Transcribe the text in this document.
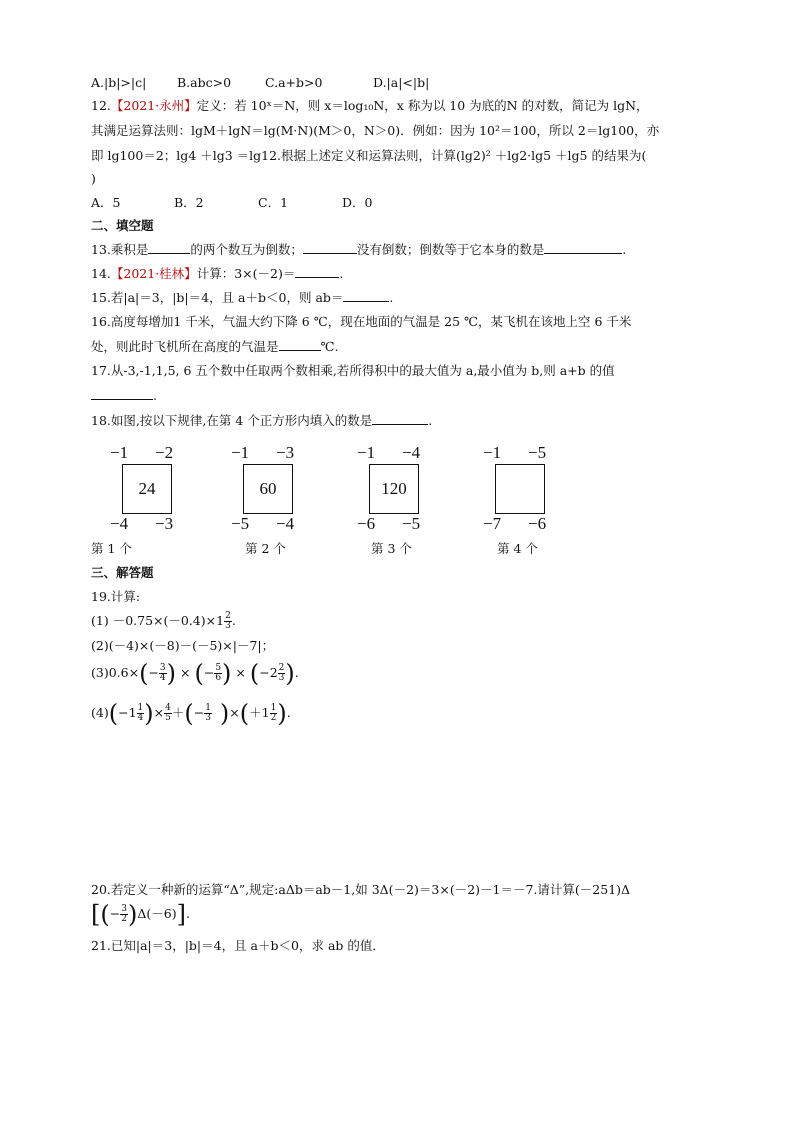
A.|b|>|c| B.abc>0	C.a+b>0	D.|a|<|b|
12.【2021·永州】定义：若 10ˣ＝N，则 x＝log₁₀N，x 称为以 10 为底的N 的对数，简记为 lgN，
其满足运算法则：lgM＋lgN＝lg(M·N)(M＞0，N＞0)．例如：因为 10²＝100，所以 2＝lg100，亦
即 lg100＝2；lg4 ＋lg3 ＝lg12.根据上述定义和运算法则，计算(lg2)² ＋lg2·lg5 ＋lg5 的结果为(
)
A．5	B．2	C．1	D．0
二、填空题
13.乘积是	的两个数互为倒数；	没有倒数；倒数等于它本身的数是	.
14.【2021·桂林】计算：3×(－2)＝	.
15.若|a|＝3，|b|＝4，且 a＋b＜0，则 ab＝	.
16.高度每增加1 千米，气温大约下降 6 ℃，现在地面的气温是 25 ℃，某飞机在该地上空 6 千米
处，则此时飞机所在高度的气温是	℃.
17.从-3,-1,1,5, 6 五个数中任取两个数相乘,若所得积中的最大值为 a,最小值为 b,则 a+b 的值
.
18.如图,按以下规律,在第 4 个正方形内填入的数是	.
−1 −2
24
−4 −3
第 1 个
−1 −3
60
−5 −4
第 2 个
−1 −4
120
−6 −5
第 3 个
−1 −5
−7 −6
第 4 个
三、解答题
19.计算:
$(1) -0.75\times(-0.4)\times 1 \frac{2}{3}$ .
(2)(－4)×(－8)－(－5)×|－7|；
$(3)0.6\times(- \frac{3}{4}$ ) × (− $\frac{5}{6}$ ) × ($-2 \frac{2}{3}$ ).
$(4)(-1 \frac{1}{4}$ )× $\frac{4}{5}$ ＋(− $\frac{1}{3} )\times(+1 \frac{1}{2}$ ).
20.若定义一种新的运算“Δ”,规定:aΔb＝ab－1,如 3Δ(－2)＝3×(－2)－1＝－7.请计算(－251)Δ
[(− $\frac{3}{2} )\Delta(-6)$].
21.已知|a|＝3，|b|＝4，且 a＋b＜0，求 ab 的值．
